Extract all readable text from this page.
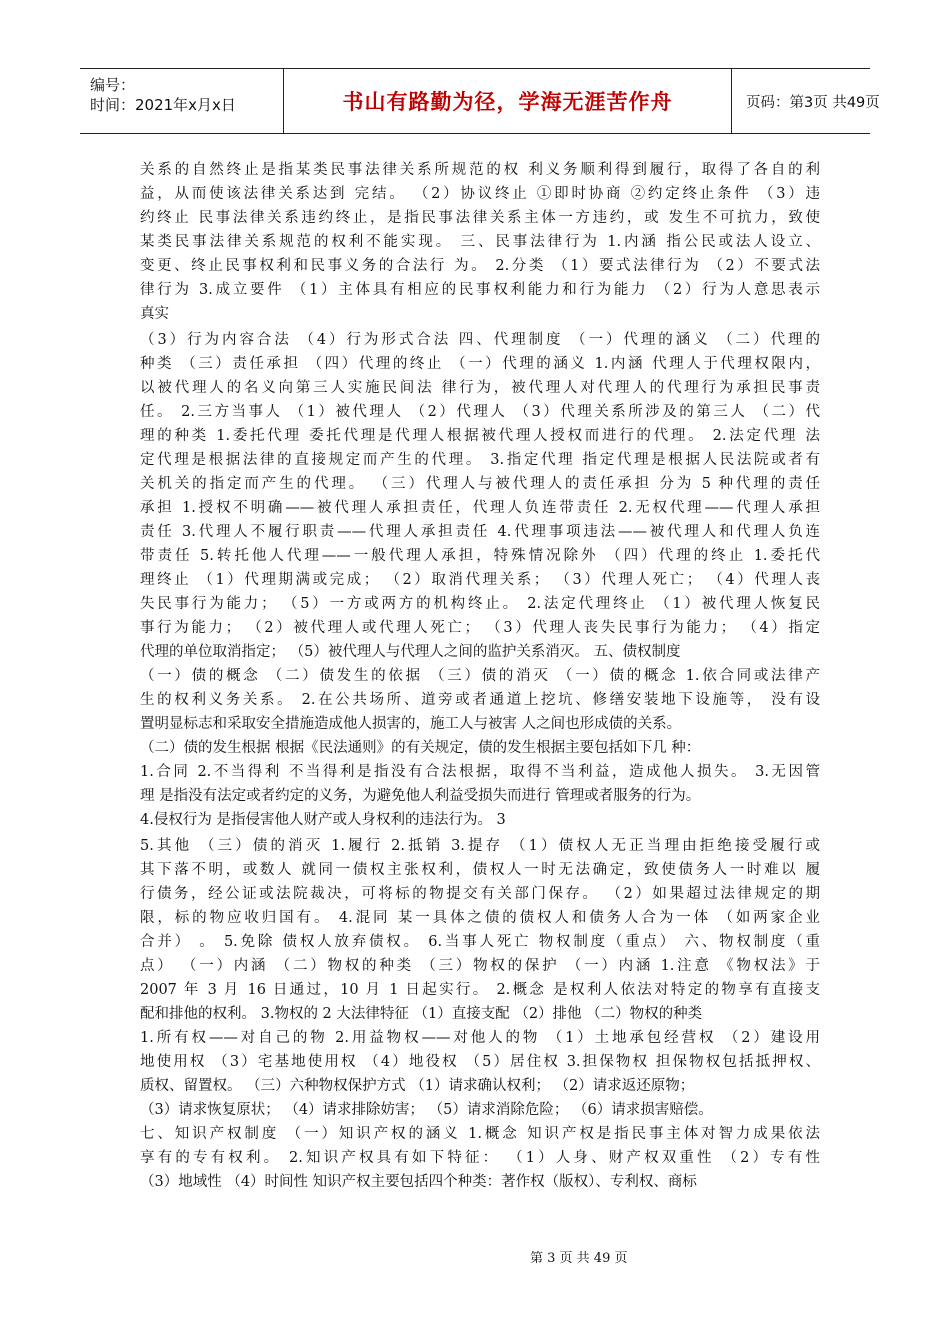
编号：
时间：2021年x月x日	书山有路勤为径，学海无涯苦作舟	页码：第3页 共49页
关系的自然终止是指某类民事法律关系所规范的权 利义务顺利得到履行，取得了各自的利
益，从而使该法律关系达到 完结。 （2）协议终止 ①即时协商 ②约定终止条件 （3）违
约终止 民事法律关系违约终止，是指民事法律关系主体一方违约，或 发生不可抗力，致使
某类民事法律关系规范的权利不能实现。 三、民事法律行为 1.内涵 指公民或法人设立、
变更、终止民事权利和民事义务的合法行 为。 2.分类 （1）要式法律行为 （2）不要式法
律行为 3.成立要件 （1）主体具有相应的民事权利能力和行为能力 （2）行为人意思表示
真实
（3）行为内容合法 （4）行为形式合法 四、代理制度 （一）代理的涵义 （二）代理的
种类 （三）责任承担 （四）代理的终止 （一）代理的涵义 1.内涵 代理人于代理权限内，
以被代理人的名义向第三人实施民间法 律行为，被代理人对代理人的代理行为承担民事责
任。 2.三方当事人 （1）被代理人 （2）代理人 （3）代理关系所涉及的第三人 （二）代
理的种类 1.委托代理 委托代理是代理人根据被代理人授权而进行的代理。 2.法定代理 法
定代理是根据法律的直接规定而产生的代理。 3.指定代理 指定代理是根据人民法院或者有
关机关的指定而产生的代理。 （三）代理人与被代理人的责任承担 分为 5 种代理的责任
承担 1.授权不明确——被代理人承担责任，代理人负连带责任 2.无权代理——代理人承担
责任 3.代理人不履行职责——代理人承担责任 4.代理事项违法——被代理人和代理人负连
带责任 5.转托他人代理——一般代理人承担，特殊情况除外 （四）代理的终止 1.委托代
理终止 （1）代理期满或完成； （2）取消代理关系； （3）代理人死亡； （4）代理人丧
失民事行为能力； （5）一方或两方的机构终止。 2.法定代理终止 （1）被代理人恢复民
事行为能力； （2）被代理人或代理人死亡； （3）代理人丧失民事行为能力； （4）指定
代理的单位取消指定； （5）被代理人与代理人之间的监护关系消灭。 五、债权制度
（一）债的概念 （二）债发生的依据 （三）债的消灭 （一）债的概念 1.依合同或法律产
生的权利义务关系。 2.在公共场所、道旁或者通道上挖坑、修缮安装地下设施等， 没有设
置明显标志和采取安全措施造成他人损害的，施工人与被害 人之间也形成债的关系。
（二）债的发生根据 根据《民法通则》的有关规定，债的发生根据主要包括如下几 种：
1.合同 2.不当得利 不当得利是指没有合法根据，取得不当利益，造成他人损失。 3.无因管
理 是指没有法定或者约定的义务，为避免他人利益受损失而进行 管理或者服务的行为。
4.侵权行为 是指侵害他人财产或人身权利的违法行为。 3
5.其他 （三）债的消灭 1.履行 2.抵销 3.提存 （1）债权人无正当理由拒绝接受履行或
其下落不明，或数人 就同一债权主张权利，债权人一时无法确定，致使债务人一时难以 履
行债务，经公证或法院裁决，可将标的物提交有关部门保存。 （2）如果超过法律规定的期
限，标的物应收归国有。 4.混同 某一具体之债的债权人和债务人合为一体 （如两家企业
合并） 。 5.免除 债权人放弃债权。 6.当事人死亡 物权制度（重点） 六、物权制度（重
点） （一）内涵 （二）物权的种类 （三）物权的保护 （一）内涵 1.注意 《物权法》于
2007 年 3 月 16 日通过，10 月 1 日起实行。 2.概念 是权利人依法对特定的物享有直接支
配和排他的权利。 3.物权的 2 大法律特征 （1）直接支配 （2）排他 （二）物权的种类
1.所有权——对自己的物 2.用益物权——对他人的物 （1）土地承包经营权 （2）建设用
地使用权 （3）宅基地使用权 （4）地役权 （5）居住权 3.担保物权 担保物权包括抵押权、
质权、留置权。 （三）六种物权保护方式 （1）请求确认权利； （2）请求返还原物；
（3）请求恢复原状； （4）请求排除妨害； （5）请求消除危险； （6）请求损害赔偿。
七、知识产权制度 （一）知识产权的涵义 1.概念 知识产权是指民事主体对智力成果依法
享有的专有权利。 2.知识产权具有如下特征： （1）人身、财产权双重性 （2）专有性
（3）地域性 （4）时间性 知识产权主要包括四个种类：著作权（版权）、专利权、商标
第 3 页 共 49 页
